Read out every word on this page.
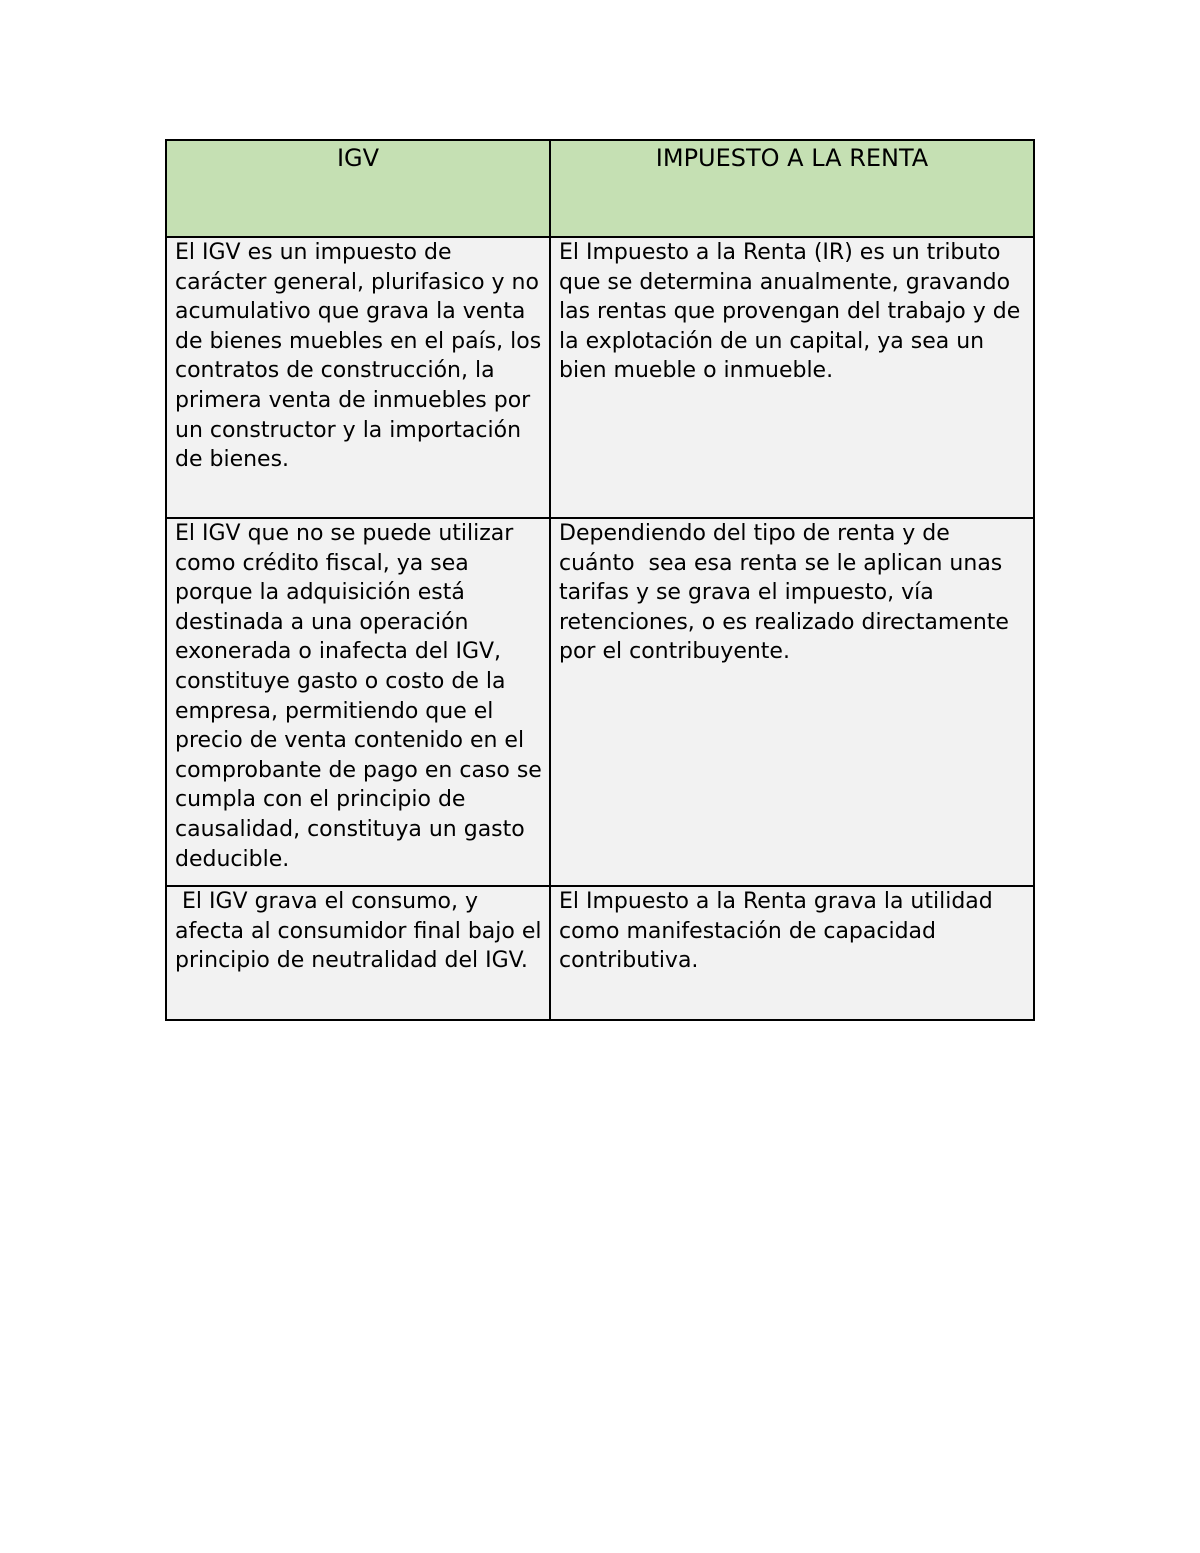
IGV	IMPUESTO A LA RENTA
El IGV es un impuesto de carácter general, plurifasico y no acumulativo que grava la venta de bienes muebles en el país, los contratos de construcción, la primera venta de inmuebles por un constructor y la importación de bienes.	El Impuesto a la Renta (IR) es un tributo que se determina anualmente, gravando las rentas que provengan del trabajo y de la explotación de un capital, ya sea un bien mueble o inmueble.
El IGV que no se puede utilizar como crédito fiscal, ya sea porque la adquisición está destinada a una operación exonerada o inafecta del IGV, constituye gasto o costo de la empresa, permitiendo que el precio de venta contenido en el comprobante de pago en caso se cumpla con el principio de causalidad, constituya un gasto deducible.	Dependiendo del tipo de renta y de cuánto  sea esa renta se le aplican unas tarifas y se grava el impuesto, vía retenciones, o es realizado directamente por el contribuyente.
El IGV grava el consumo, y afecta al consumidor final bajo el principio de neutralidad del IGV.	El Impuesto a la Renta grava la utilidad como manifestación de capacidad contributiva.
